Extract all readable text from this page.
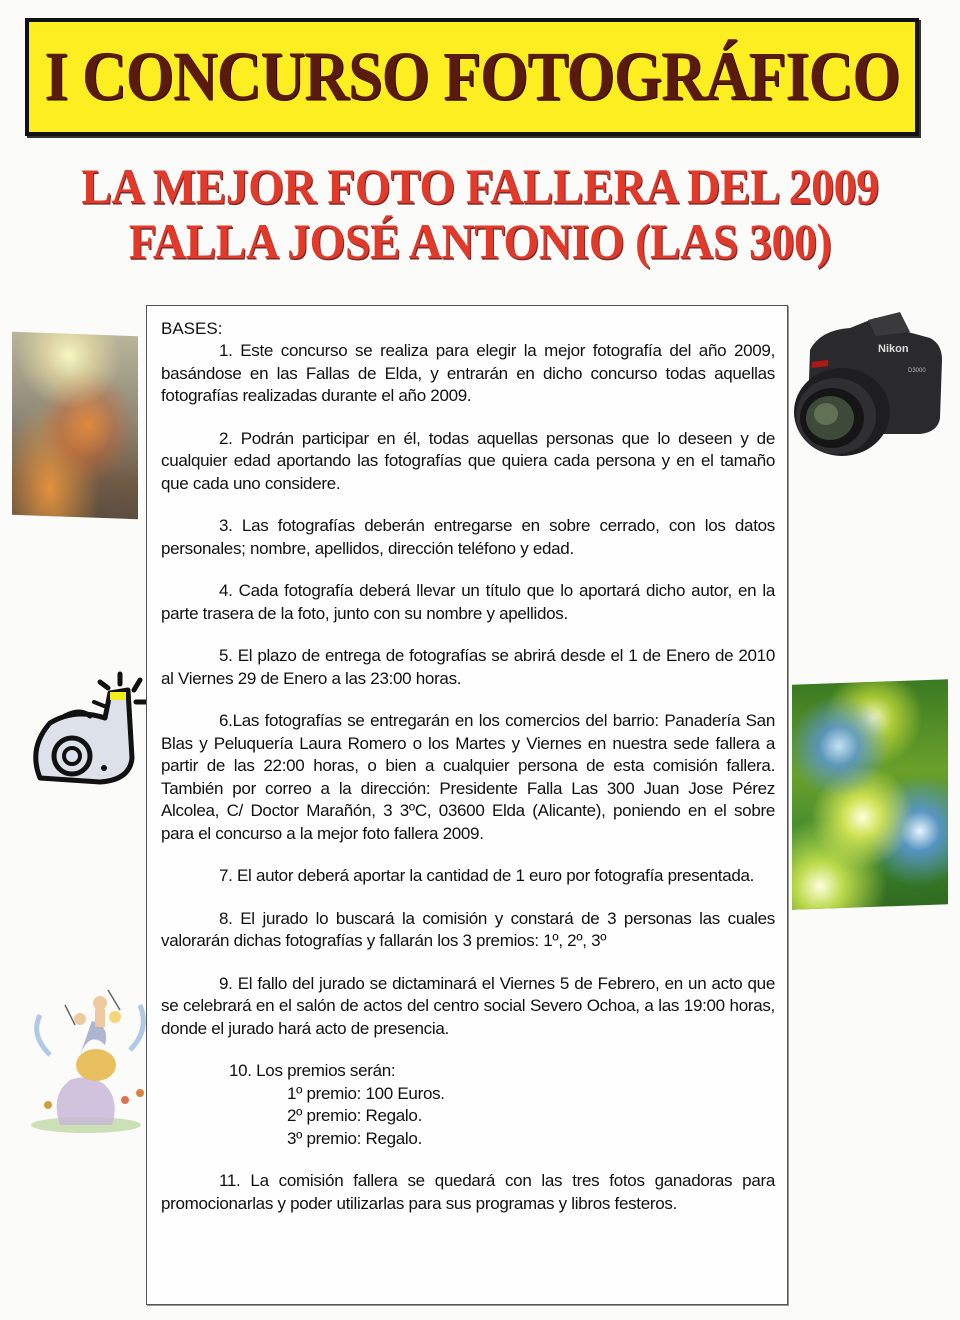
I CONCURSO FOTOGRÁFICO
LA MEJOR FOTO FALLERA DEL 2009
FALLA JOSÉ ANTONIO (LAS 300)
Nikon
D3000

BASES:

1. Este concurso se realiza para elegir la mejor fotografía del año 2009, basándose en las Fallas de Elda, y entrarán en dicho concurso todas aquellas fotografías realizadas durante el año 2009.

2. Podrán participar en él, todas aquellas personas que lo deseen y de cualquier edad aportando las fotografías que quiera cada persona y en el tamaño que cada uno considere.

3. Las fotografías deberán entregarse en sobre cerrado, con los datos personales; nombre, apellidos, dirección teléfono y edad.

4. Cada fotografía deberá llevar un título que lo aportará dicho autor, en la parte trasera de la foto, junto con su nombre y apellidos.

5. El plazo de entrega de fotografías se abrirá desde el 1 de Enero de 2010 al Viernes 29 de Enero a las 23:00 horas.

6.Las fotografías se entregarán en los comercios del barrio: Panadería San Blas y Peluquería Laura Romero o los Martes y Viernes en nuestra sede fallera a partir de las 22:00 horas, o bien a cualquier persona de esta comisión fallera. También por correo a la dirección: Presidente Falla Las 300 Juan Jose Pérez Alcolea, C/ Doctor Marañón, 3 3ºC, 03600 Elda (Alicante), poniendo en el sobre para el concurso a la mejor foto fallera 2009.

7. El autor deberá aportar la cantidad de 1 euro por fotografía presentada.

8. El jurado lo buscará la comisión y constará de 3 personas las cuales valorarán dichas fotografías y fallarán los 3 premios: 1º, 2º, 3º

9. El fallo del jurado se dictaminará el Viernes 5 de Febrero, en un acto que se celebrará en el salón de actos del centro social Severo Ochoa, a las 19:00 horas, donde el jurado hará acto de presencia.

10. Los premios serán:
1º premio: 100 Euros.
2º premio: Regalo.
3º premio: Regalo.

11. La comisión fallera se quedará con las tres fotos ganadoras para promocionarlas y poder utilizarlas para sus programas y libros festeros.
